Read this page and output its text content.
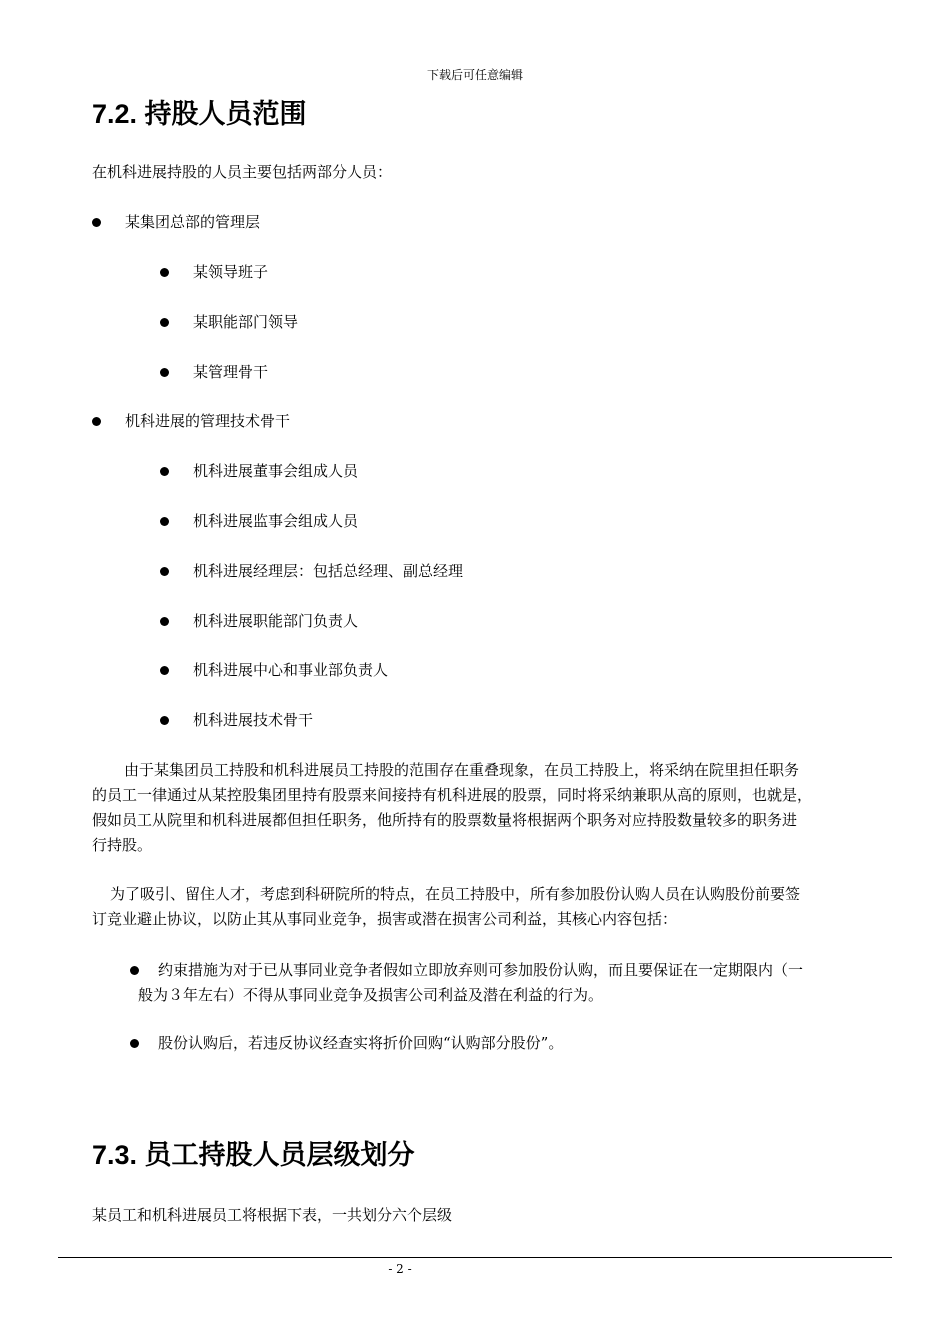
下载后可任意编辑
7.2. 持股人员范围

在机科进展持股的人员主要包括两部分人员：

某集团总部的管理层
某领导班子
某职能部门领导
某管理骨干
机科进展的管理技术骨干
机科进展董事会组成人员
机科进展监事会组成人员
机科进展经理层：包括总经理、副总经理
机科进展职能部门负责人
机科进展中心和事业部负责人
机科进展技术骨干
由于某集团员工持股和机科进展员工持股的范围存在重叠现象，在员工持股上，将采纳在院里担任职务
的员工一律通过从某控股集团里持有股票来间接持有机科进展的股票，同时将采纳兼职从高的原则，也就是，
假如员工从院里和机科进展都但担任职务，他所持有的股票数量将根据两个职务对应持股数量较多的职务进
行持股。
为了吸引、留住人才，考虑到科研院所的特点，在员工持股中，所有参加股份认购人员在认购股份前要签
订竞业避止协议，以防止其从事同业竞争，损害或潜在损害公司利益，其核心内容包括：
约束措施为对于已从事同业竞争者假如立即放弃则可参加股份认购，而且要保证在一定期限内（一
般为３年左右）不得从事同业竞争及损害公司利益及潜在利益的行为。
股份认购后，若违反协议经查实将折价回购“认购部分股份”。
7.3. 员工持股人员层级划分

某员工和机科进展员工将根据下表，一共划分六个层级

- 2 -
